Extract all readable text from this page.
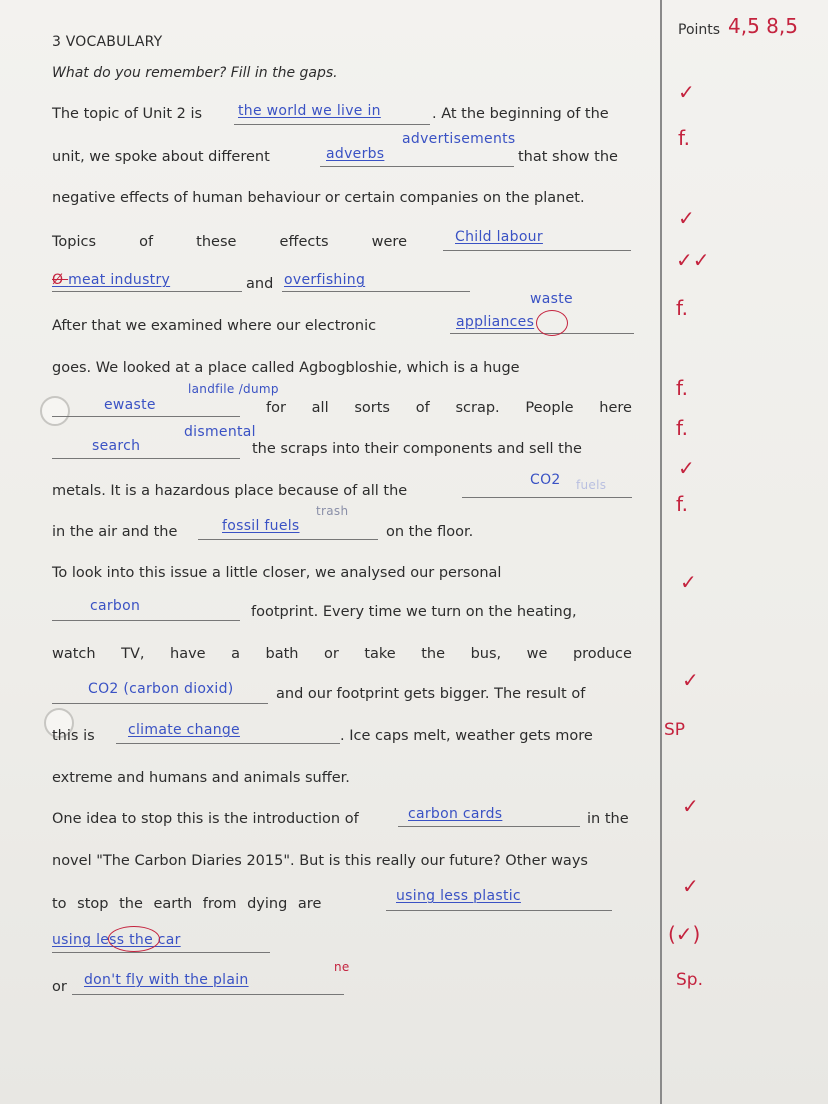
3 VOCABULARY
What do you remember? Fill in the gaps.
Points 4,5 8,5
The topic of Unit 2 is	the world we live in	. At the beginning of the
advertisements
unit, we spoke about different	adverbs	that show the
negative effects of human behaviour or certain companies on the planet.
Topics	of	these	effects	were	Child labour
Ø meat industry	and overfishing
waste
After that we examined where our electronic	appliances
goes. We looked at a place called Agbogbloshie, which is a huge
landfile /dump
ewaste	for all sorts of scrap. People here
dismental
search	the scraps into their components and sell the
metals. It is a hazardous place because of all the
CO2 fuels
trash
in the air and the	fossil fuels	on the floor.
To look into this issue a little closer, we analysed our personal
carbon	footprint. Every time we turn on the heating,
watch TV, have a bath or take the bus, we produce
CO2 (carbon dioxid)	and our footprint gets bigger. The result of
this is climate change	. Ice caps melt, weather gets more
extreme and humans and animals suffer.
One idea to stop this is the introduction of	carbon cards	in the
novel "The Carbon Diaries 2015". But is this really our future? Other ways
to stop the earth from dying are	using less plastic
using less the car
ne
or don't fly with the plain
✓
f.
✓
✓✓
f.
f.
f.
✓
f.
✓
✓
SP
✓
✓
(✓)
Sp.
